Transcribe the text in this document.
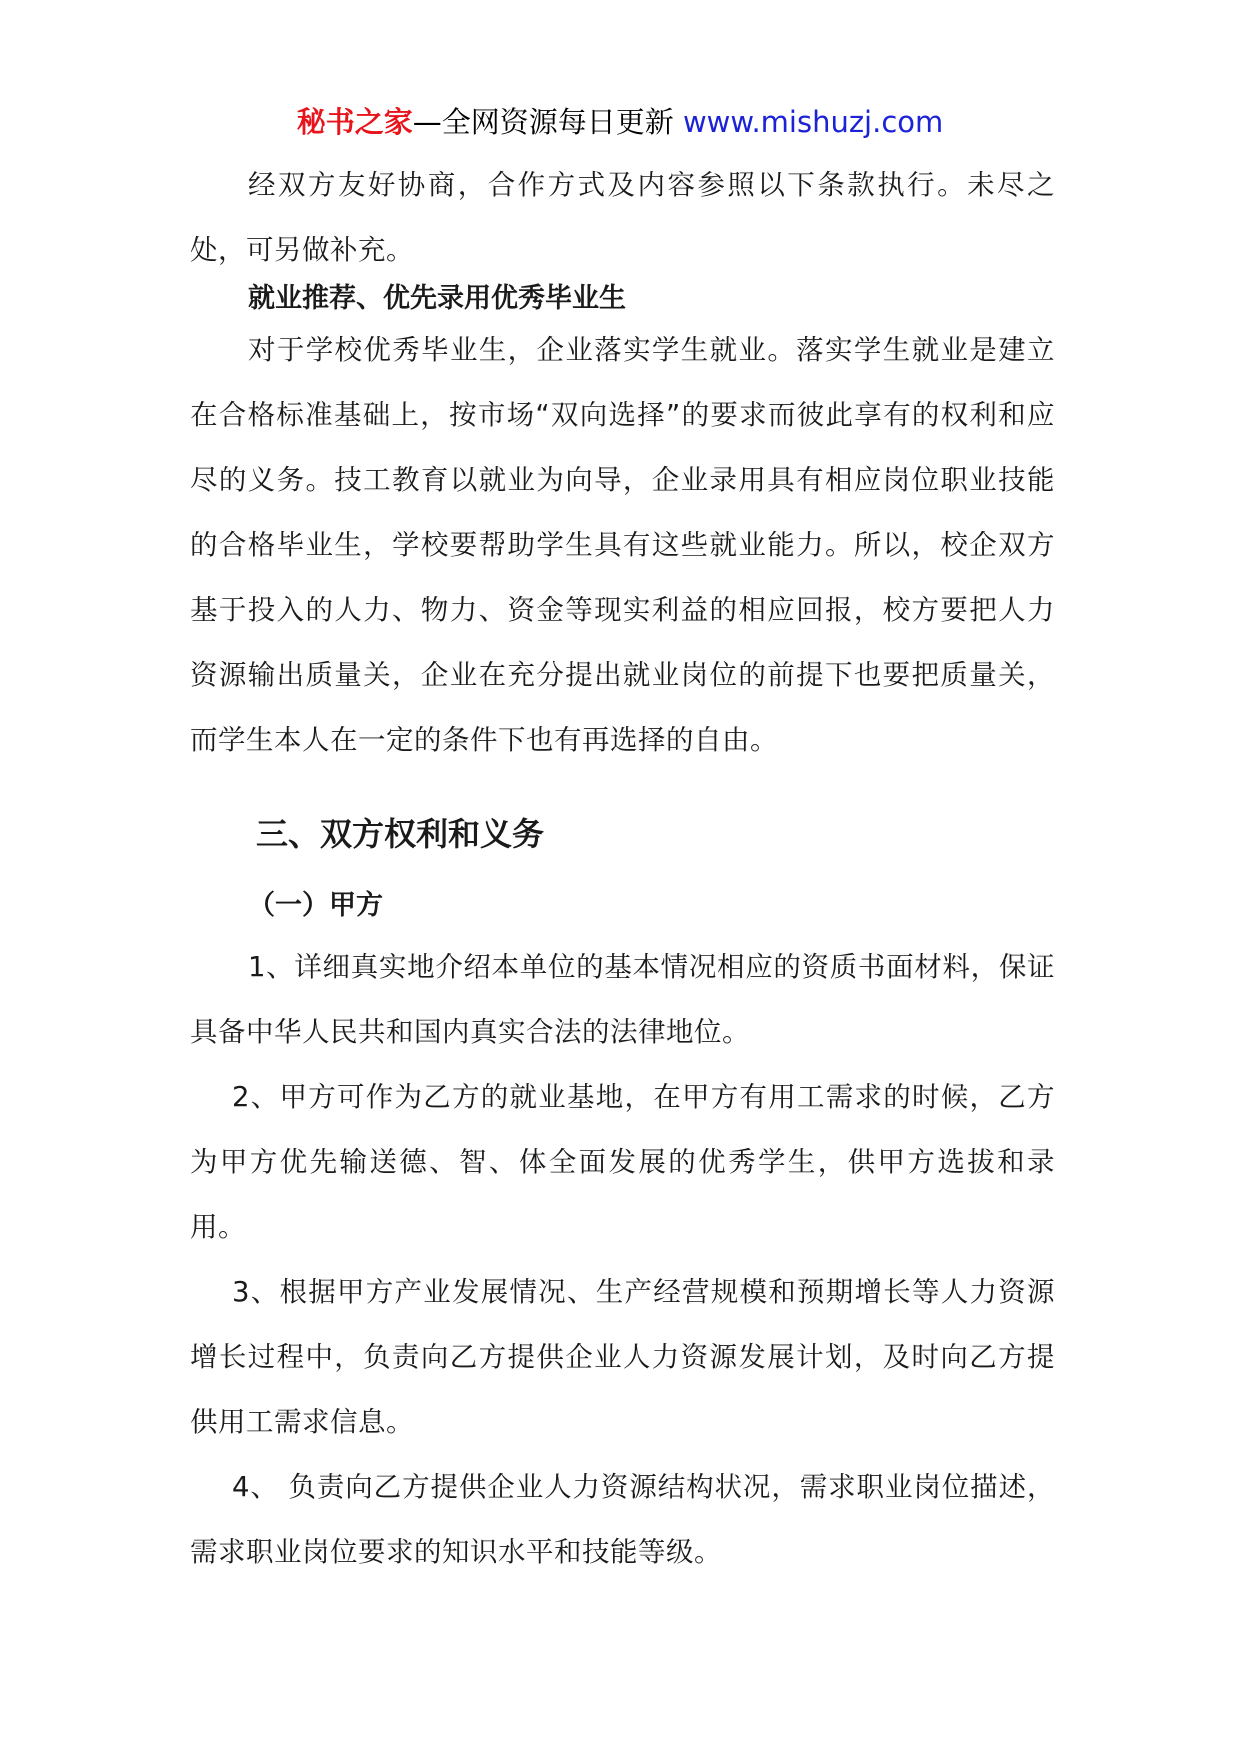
秘书之家—全网资源每日更新 www.mishuzj.com

经双方友好协商，合作方式及内容参照以下条款执行。未尽之处，可另做补充。

就业推荐、优先录用优秀毕业生

对于学校优秀毕业生，企业落实学生就业。落实学生就业是建立在合格标准基础上，按市场“双向选择”的要求而彼此享有的权利和应尽的义务。技工教育以就业为向导，企业录用具有相应岗位职业技能的合格毕业生，学校要帮助学生具有这些就业能力。所以，校企双方基于投入的人力、物力、资金等现实利益的相应回报，校方要把人力资源输出质量关，企业在充分提出就业岗位的前提下也要把质量关，而学生本人在一定的条件下也有再选择的自由。

三、双方权利和义务

（一）甲方

1、详细真实地介绍本单位的基本情况相应的资质书面材料，保证具备中华人民共和国内真实合法的法律地位。

2、甲方可作为乙方的就业基地，在甲方有用工需求的时候，乙方为甲方优先输送德、智、体全面发展的优秀学生，供甲方选拔和录用。

3、根据甲方产业发展情况、生产经营规模和预期增长等人力资源增长过程中，负责向乙方提供企业人力资源发展计划，及时向乙方提供用工需求信息。

4、 负责向乙方提供企业人力资源结构状况，需求职业岗位描述，需求职业岗位要求的知识水平和技能等级。
